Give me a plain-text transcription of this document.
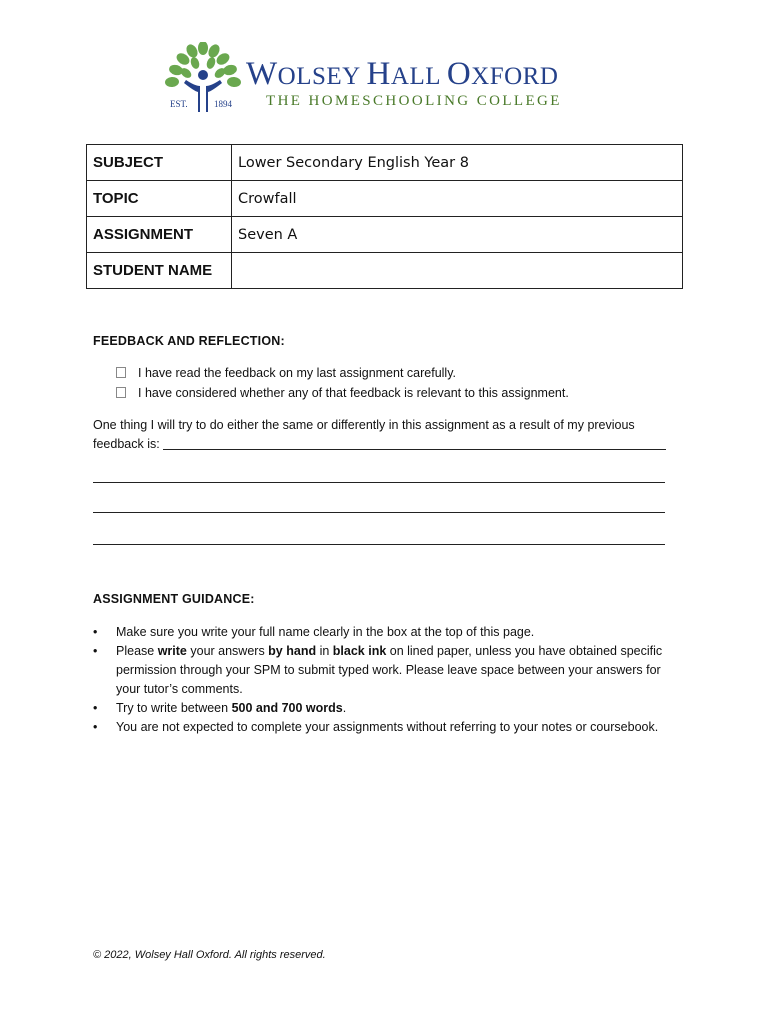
WOLSEY HALL OXFORD
THE HOMESCHOOLING COLLEGE
EST.	1894
SUBJECT	Lower Secondary English Year 8
TOPIC	Crowfall
ASSIGNMENT	Seven A
STUDENT NAME	
FEEDBACK AND REFLECTION:
I have read the feedback on my last assignment carefully.
I have considered whether any of that feedback is relevant to this assignment.
One thing I will try to do either the same or differently in this assignment as a result of my previous feedback is:
ASSIGNMENT GUIDANCE:
• Make sure you write your full name clearly in the box at the top of this page.
• Please write your answers by hand in black ink on lined paper, unless you have obtained specific permission through your SPM to submit typed work. Please leave space between your answers for your tutor’s comments.
• Try to write between 500 and 700 words.
• You are not expected to complete your assignments without referring to your notes or coursebook.
© 2022, Wolsey Hall Oxford. All rights reserved.
